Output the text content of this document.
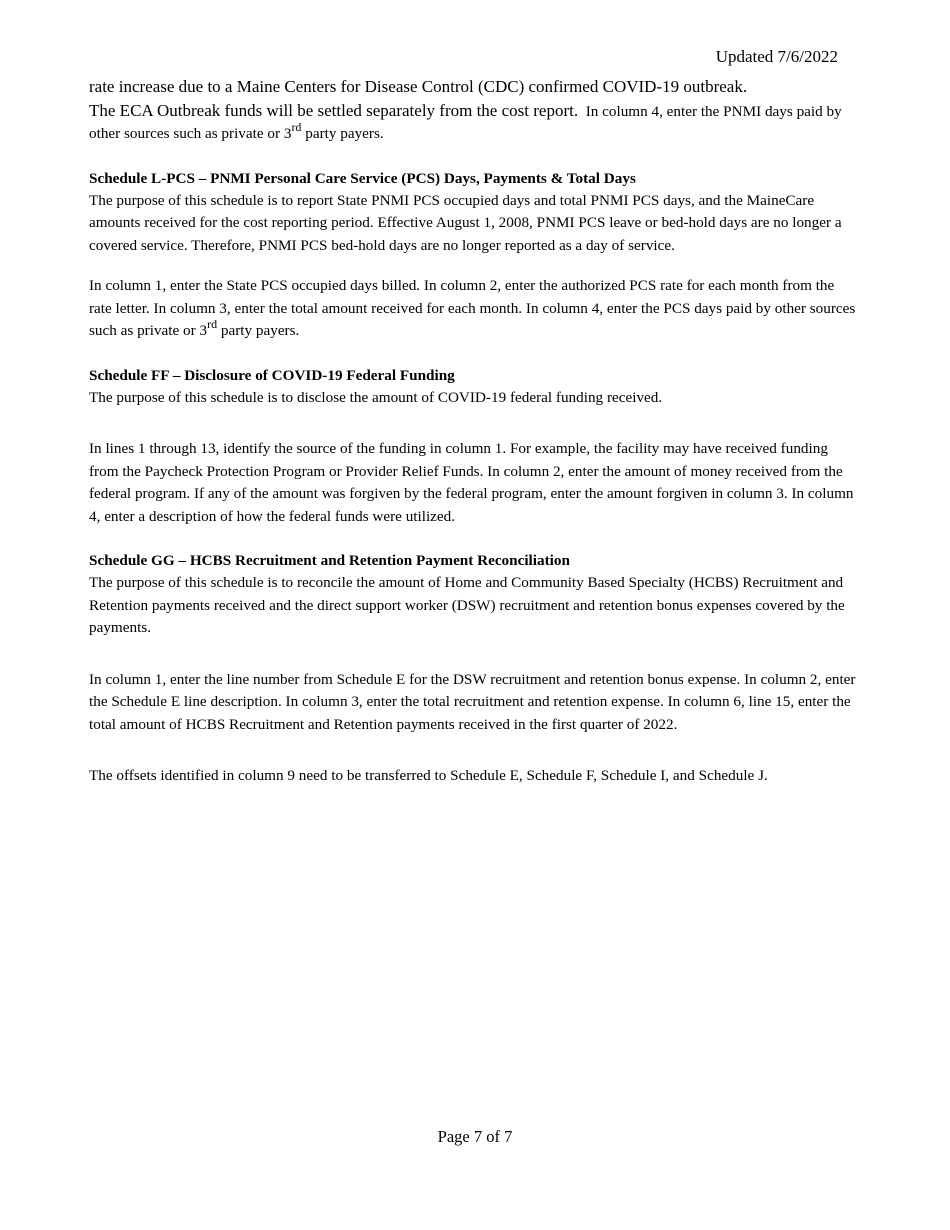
Updated 7/6/2022

rate increase due to a Maine Centers for Disease Control (CDC) confirmed COVID-19 outbreak.
The ECA Outbreak funds will be settled separately from the cost report. In column 4, enter the PNMI days paid by other sources such as private or 3rd party payers.

Schedule L-PCS – PNMI Personal Care Service (PCS) Days, Payments & Total Days

The purpose of this schedule is to report State PNMI PCS occupied days and total PNMI PCS days, and the MaineCare amounts received for the cost reporting period. Effective August 1, 2008, PNMI PCS leave or bed-hold days are no longer a covered service. Therefore, PNMI PCS bed-hold days are no longer reported as a day of service.

In column 1, enter the State PCS occupied days billed. In column 2, enter the authorized PCS rate for each month from the rate letter. In column 3, enter the total amount received for each month. In column 4, enter the PCS days paid by other sources such as private or 3rd party payers.

Schedule FF – Disclosure of COVID-19 Federal Funding

The purpose of this schedule is to disclose the amount of COVID-19 federal funding received.

In lines 1 through 13, identify the source of the funding in column 1. For example, the facility may have received funding from the Paycheck Protection Program or Provider Relief Funds. In column 2, enter the amount of money received from the federal program. If any of the amount was forgiven by the federal program, enter the amount forgiven in column 3. In column 4, enter a description of how the federal funds were utilized.

Schedule GG – HCBS Recruitment and Retention Payment Reconciliation

The purpose of this schedule is to reconcile the amount of Home and Community Based Specialty (HCBS) Recruitment and Retention payments received and the direct support worker (DSW) recruitment and retention bonus expenses covered by the payments.

In column 1, enter the line number from Schedule E for the DSW recruitment and retention bonus expense. In column 2, enter the Schedule E line description. In column 3, enter the total recruitment and retention expense. In column 6, line 15, enter the total amount of HCBS Recruitment and Retention payments received in the first quarter of 2022.

The offsets identified in column 9 need to be transferred to Schedule E, Schedule F, Schedule I, and Schedule J.

Page 7 of 7
